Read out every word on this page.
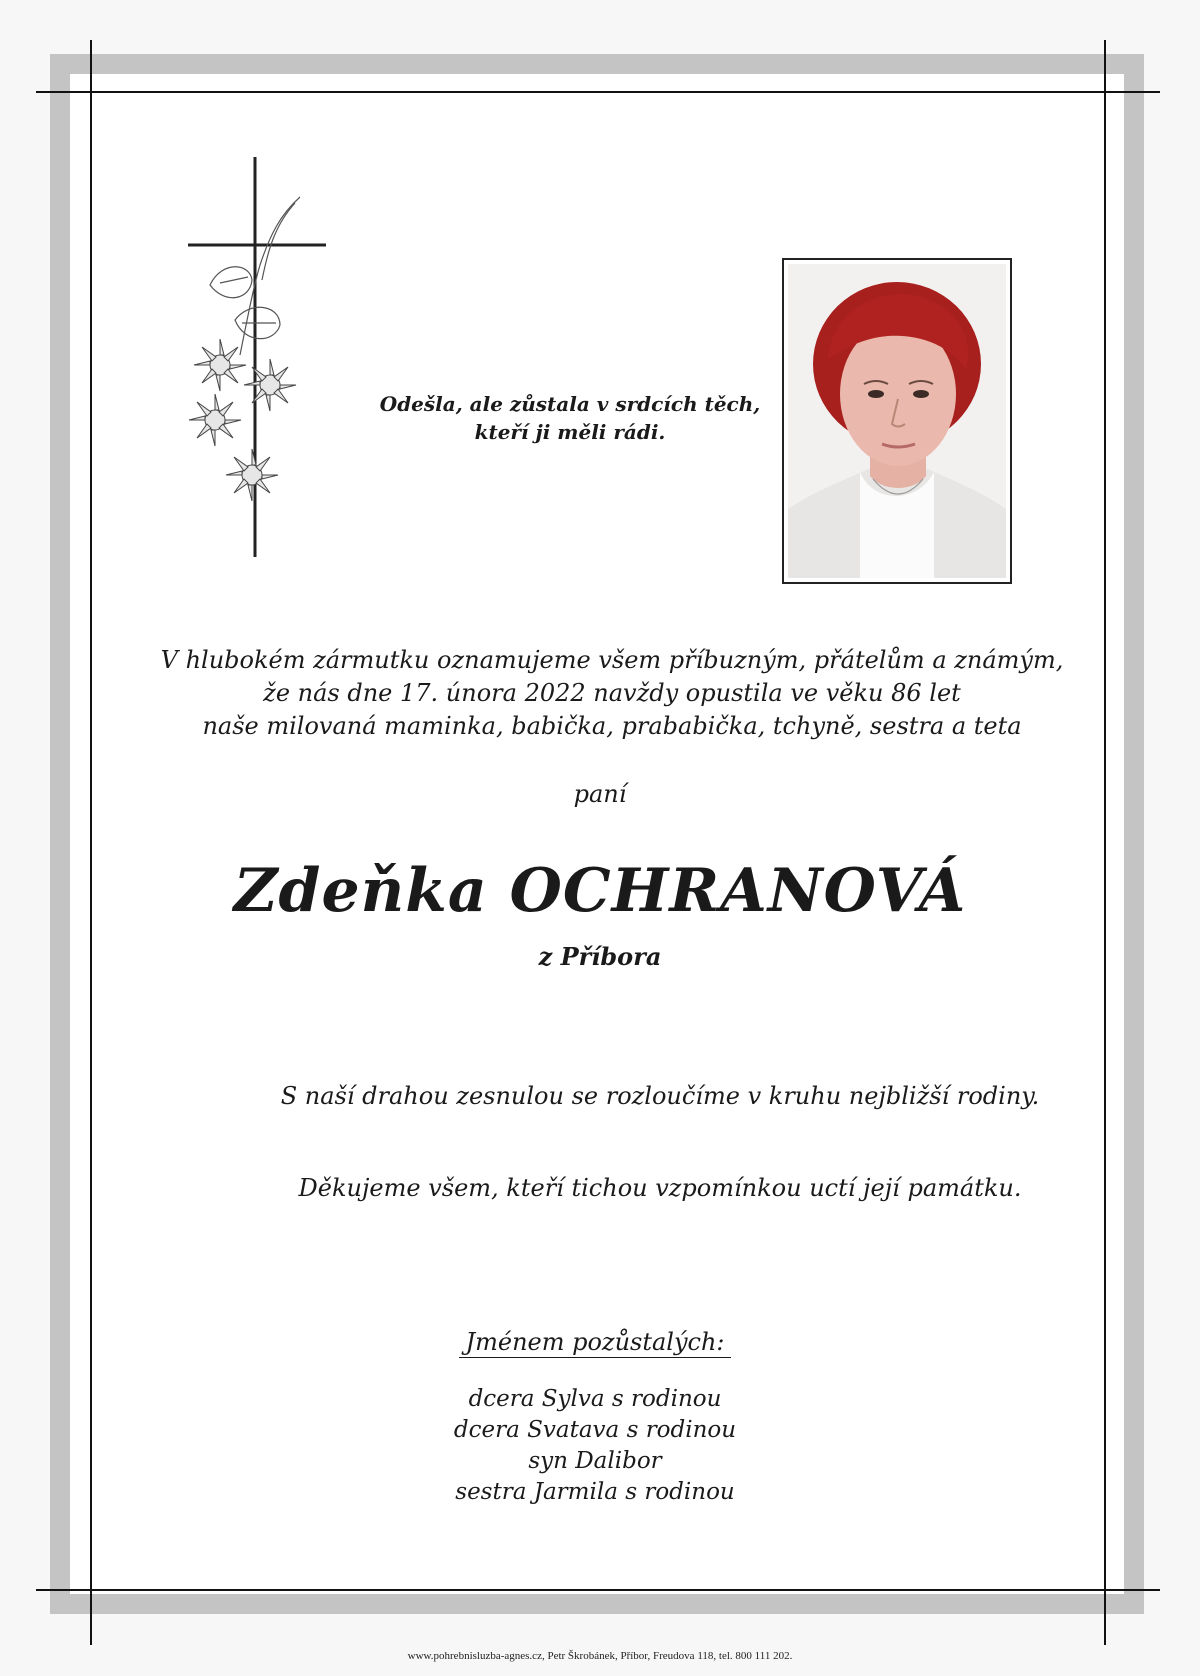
Odešla, ale zůstala v srdcích těch,
kteří ji měli rádi.
V hlubokém zármutku oznamujeme všem příbuzným, přátelům a známým,
že nás dne 17. února 2022 navždy opustila ve věku 86 let
naše milovaná maminka, babička, prababička, tchyně, sestra a teta
paní
Zdeňka OCHRANOVÁ
z Příbora
S naší drahou zesnulou se rozloučíme v kruhu nejbližší rodiny.
Děkujeme všem, kteří tichou vzpomínkou uctí její památku.
Jménem pozůstalých:
dcera Sylva s rodinou
dcera Svatava s rodinou
syn Dalibor
sestra Jarmila s rodinou
www.pohrebnisluzba-agnes.cz, Petr Škrobánek, Příbor, Freudova 118, tel. 800 111 202.
